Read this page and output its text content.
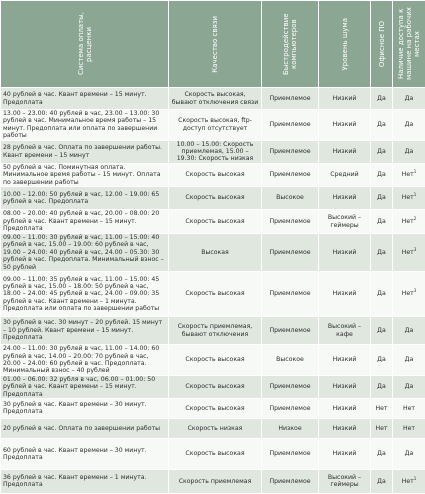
Система оплаты, расценки	Качество связи	Быстродействие компьютеров	Уровень шума	Офисное ПО	Наличие доступа к машине на рабочих местах

40 рублей в час. Квант времени – 15 минут. Предоплата	Скорость высокая, бывают отключения связи	Приемлемое	Низкий	Да	Да
13.00 – 23.00: 40 рублей в час, 23.00 – 13.00: 30 рублей в час. Минимальное время работы – 15 минут. Предоплата или оплата по завершении работы	Скорость высокая, ftp-доступ отсутствует	Приемлемое	Низкий	Да	Да
28 рублей в час. Оплата по завершении работы. Квант времени – 15 минут	10.00 – 15.00: Скорость приемлемая, 15.00 – 19.30: Скорость низкая	Приемлемое	Низкий	Да	Да
50 рублей в час. Поминутная оплата. Минимальное время работы – 15 минут. Оплата по завершении работы	Скорость высокая	Приемлемое	Средний	Да	Нет$^1$
10.00 – 12.00: 50 рублей в час, 12.00 – 19.00: 65 рублей в час. Предоплата	Скорость высокая	Высокое	Низкий	Да	Нет$^1$
08.00 – 20.00: 40 рублей в час, 20.00 – 08.00: 20 рублей в час. Квант времени – 15 минут. Предоплата	Скорость высокая	Приемлемое	Высокий – геймеры	Да	Нет$^2$
09.00 – 11.00: 30 рублей в час, 11.00 – 15.00: 40 рублей в час, 15.00 – 19.00: 60 рублей в час, 19.00 – 24.00: 40 рублей в час, 24.00 – 05.30: 30 рублей в час. Предоплата. Минимальный взнос – 50 рублей	Высокая	Приемлемое	Низкий	Да	Нет$^3$
09.00 – 11.00: 35 рублей в час, 11.00 – 15.00: 45 рублей в час, 15.00 – 18.00: 50 рублей в час, 18.00 – 24.00: 45 рублей в час, 24.00 – 09.00: 35 рублей в час. Квант времени – 1 минута. Предоплата или оплата по завершении работы	Скорость высокая	Приемлемое	Низкий	Да	Нет$^3$
30 рублей в час. 30 минут – 20 рублей. 15 минут – 10 рублей. Квант времени – 15 минут. Предоплата	Скорость приемлемая, бывают отключения	Приемлемое	Высокий – кафе	Да	Да
24.00 – 11.00: 30 рублей в час, 11.00 – 14.00: 60 рублей в час, 14.00 – 20.00: 70 рублей в час, 20.00 – 24.00: 60 рублей в час. Предоплата. Минимальный взнос – 40 рублей	Скорость высокая	Высокое	Низкий	Да	Да
01.00 – 06.00: 32 рубля в час, 06.00 – 01.00: 50 рублей в час. Квант времени – 15 минут. Предоплата	Скорость высокая	Приемлемое	Низкий	Да	Да
30 рублей в час. Квант времени – 30 минут. Предоплата	Скорость высокая	Приемлемое	Низкий	Нет	Нет
20 рублей в час. Оплата по завершении работы	Скорость низкая	Низкое	Низкий	Нет	Нет
60 рублей в час. Квант времени – 30 минут. Предоплата	Скорость высокая	Приемлемое	Низкий	Да	Да
36 рублей в час. Квант времени – 1 минута. Предоплата	Скорость приемлемая	Приемлемое	Высокий – геймеры	Да	Нет$^1$
